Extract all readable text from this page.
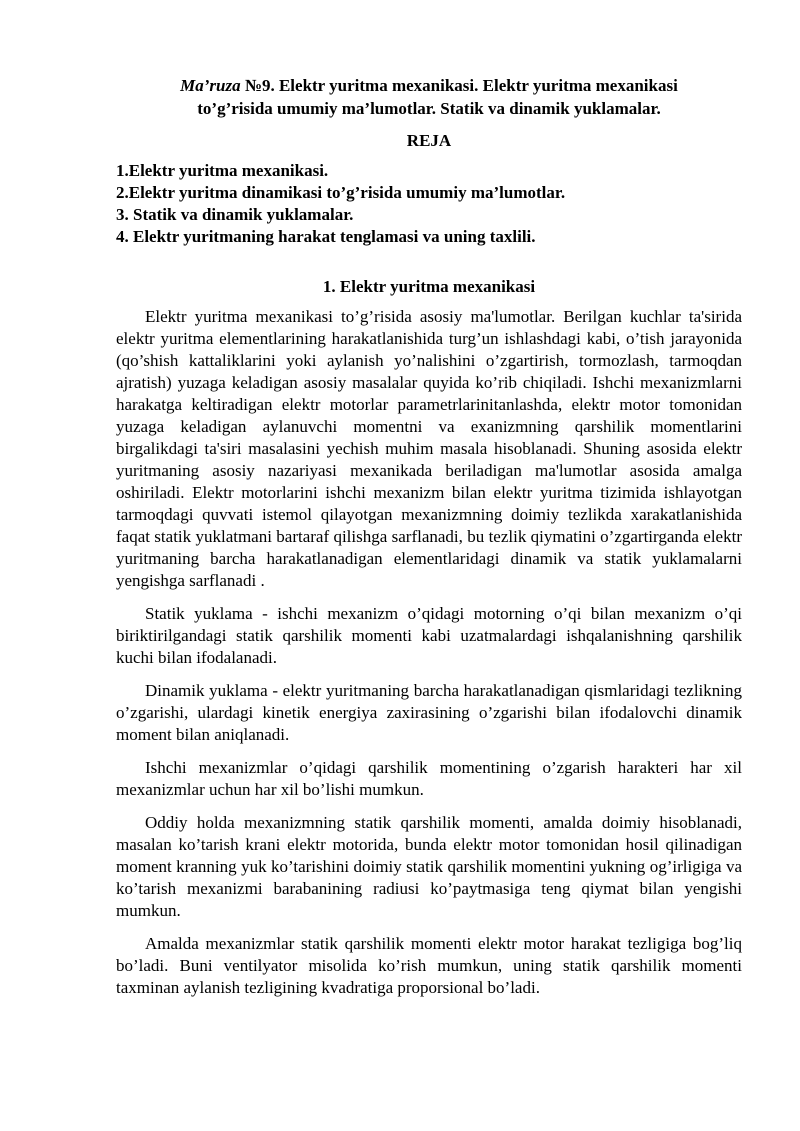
Ma’ruza №9. Elektr yuritma mexanikasi. Elektr yuritma mexanikasi
to’g’risida umumiy ma’lumotlar. Statik va dinamik yuklamalar.
REJA
1.Elektr yuritma mexanikasi.
2.Elektr yuritma dinamikasi to’g’risida umumiy ma’lumotlar.
3. Statik va dinamik yuklamalar.
4. Elektr yuritmaning harakat tenglamasi va uning taxlili.
1. Elektr yuritma mexanikasi

Elektr yuritma mexanikasi to’g’risida asosiy ma'lumotlar. Berilgan kuchlar ta'sirida elektr yuritma elementlarining harakatlanishida turg’un ishlashdagi kabi, o’tish jarayonida (qo’shish kattaliklarini yoki aylanish yo’nalishini o’zgartirish, tormozlash, tarmoqdan ajratish) yuzaga keladigan asosiy masalalar quyida ko’rib chiqiladi. Ishchi mexanizmlarni harakatga keltiradigan elektr motorlar parametrlarinitanlashda, elektr motor tomonidan yuzaga keladigan aylanuvchi momentni va exanizmning qarshilik momentlarini birgalikdagi ta'siri masalasini yechish muhim masala hisoblanadi. Shuning asosida elektr yuritmaning asosiy nazariyasi mexanikada beriladigan ma'lumotlar asosida amalga oshiriladi. Elektr motorlarini ishchi mexanizm bilan elektr yuritma tizimida ishlayotgan tarmoqdagi quvvati istemol qilayotgan mexanizmning doimiy tezlikda xarakatlanishida faqat statik yuklatmani bartaraf qilishga sarflanadi, bu tezlik qiymatini o’zgartirganda elektr yuritmaning barcha harakatlanadigan elementlaridagi dinamik va statik yuklamalarni yengishga sarflanadi .

Statik yuklama - ishchi mexanizm o’qidagi motorning o’qi bilan mexanizm o’qi biriktirilgandagi statik qarshilik momenti kabi uzatmalardagi ishqalanishning qarshilik kuchi bilan ifodalanadi.

Dinamik yuklama - elektr yuritmaning barcha harakatlanadigan qismlaridagi tezlikning o’zgarishi, ulardagi kinetik energiya zaxirasining o’zgarishi bilan ifodalovchi dinamik moment bilan aniqlanadi.

Ishchi mexanizmlar o’qidagi qarshilik momentining o’zgarish harakteri har xil mexanizmlar uchun har xil bo’lishi mumkun.

Oddiy holda mexanizmning statik qarshilik momenti, amalda doimiy hisoblanadi, masalan ko’tarish krani elektr motorida, bunda elektr motor tomonidan hosil qilinadigan moment kranning yuk ko’tarishini doimiy statik qarshilik momentini yukning og’irligiga va ko’tarish mexanizmi barabanining radiusi ko’paytmasiga teng qiymat bilan yengishi mumkun.

Amalda mexanizmlar statik qarshilik momenti elektr motor harakat tezligiga bog’liq bo’ladi. Buni ventilyator misolida ko’rish mumkun, uning statik qarshilik momenti taxminan aylanish tezligining kvadratiga proporsional bo’ladi.
